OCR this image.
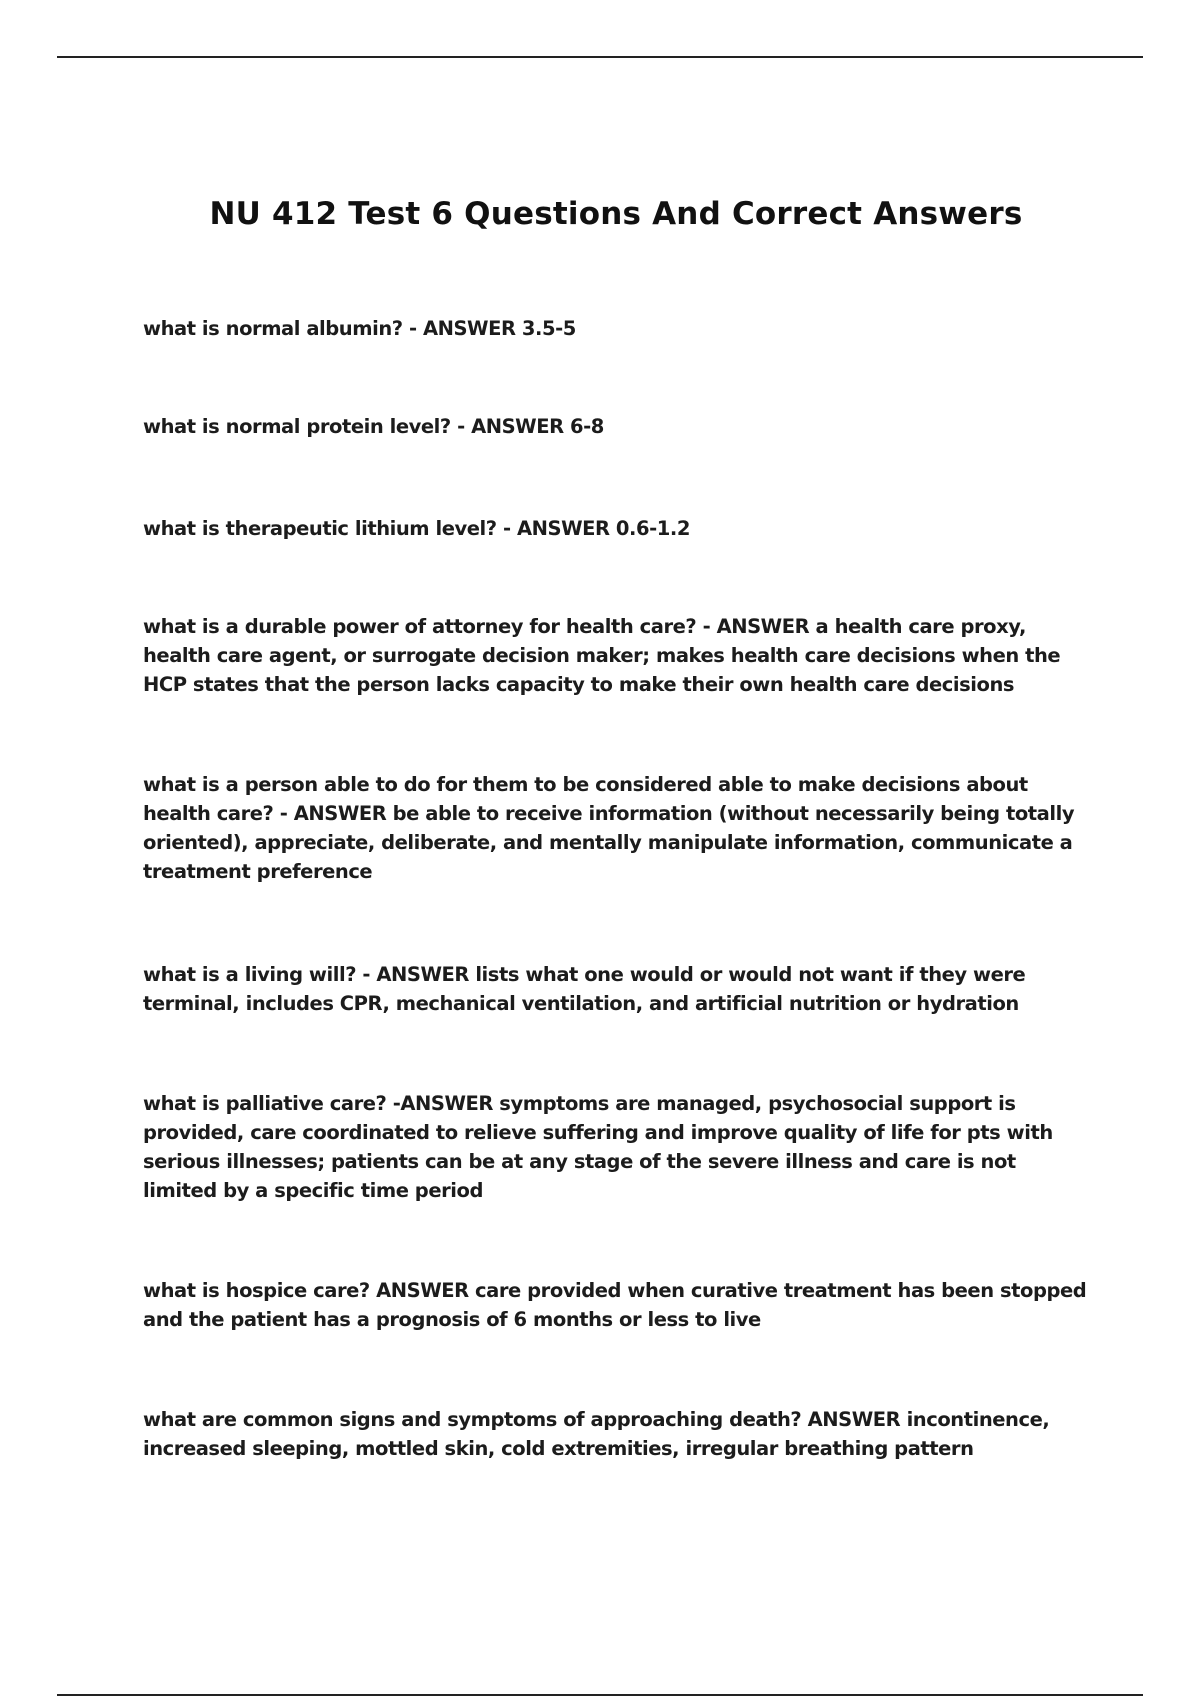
NU 412 Test 6 Questions And Correct Answers

what is normal albumin? - ANSWER 3.5-5

what is normal protein level? - ANSWER 6-8

what is therapeutic lithium level? - ANSWER 0.6-1.2

what is a durable power of attorney for health care? - ANSWER a health care proxy, health care agent, or surrogate decision maker; makes health care decisions when the HCP states that the person lacks capacity to make their own health care decisions

what is a person able to do for them to be considered able to make decisions about health care? - ANSWER be able to receive information (without necessarily being totally oriented), appreciate, deliberate, and mentally manipulate information, communicate a treatment preference

what is a living will? - ANSWER lists what one would or would not want if they were terminal, includes CPR, mechanical ventilation, and artificial nutrition or hydration

what is palliative care? -ANSWER symptoms are managed, psychosocial support is provided, care coordinated to relieve suffering and improve quality of life for pts with serious illnesses; patients can be at any stage of the severe illness and care is not limited by a specific time period

what is hospice care? ANSWER care provided when curative treatment has been stopped and the patient has a prognosis of 6 months or less to live

what are common signs and symptoms of approaching death? ANSWER incontinence, increased sleeping, mottled skin, cold extremities, irregular breathing pattern
